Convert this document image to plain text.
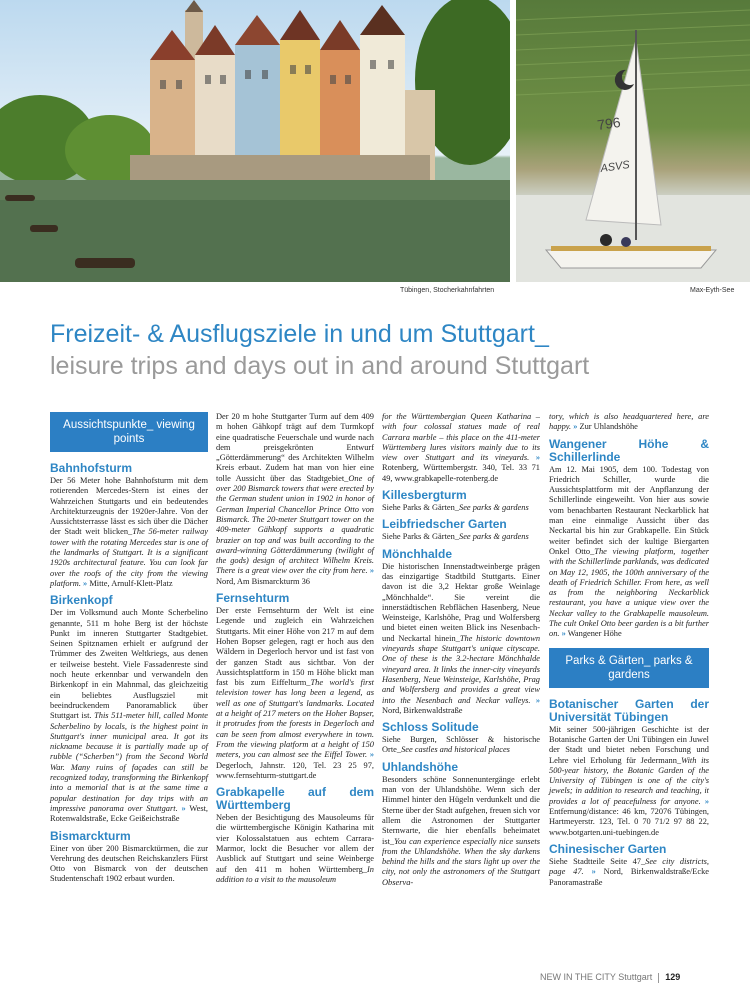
796
ASVS
Tübingen, Stocherkahnfahrten	Max-Eyth-See

Freizeit- & Ausflugsziele in und um Stuttgart_

leisure trips and days out in and around Stuttgart

Aussichtspunkte_ viewing points
Bahnhofsturm

Der 56 Meter hohe Bahnhofsturm mit dem rotierenden Mercedes-Stern ist eines der Wahrzeichen Stuttgarts und ein bedeutendes Architekturzeugnis der 1920er-Jahre. Von der Aussichtsterrasse lässt es sich über die Dächer der Stadt weit blicken_The 56-meter railway tower with the rotating Mercedes star is one of the landmarks of Stuttgart. It is a significant 1920s architectural feature. You can look far over the roofs of the city from the viewing platform. » Mitte, Arnulf-Klett-Platz

Birkenkopf

Der im Volksmund auch Monte Scherbelino genannte, 511 m hohe Berg ist der höchste Punkt im inneren Stuttgarter Stadtgebiet. Seinen Spitznamen erhielt er aufgrund der Trümmer des Zweiten Weltkriegs, aus denen er teilweise besteht. Viele Fassadenreste sind noch heute erkennbar und verwandeln den Birkenkopf in ein Mahnmal, das gleichzeitig ein beliebtes Ausflugsziel mit beeindruckendem Panoramablick über Stuttgart ist. This 511-meter hill, called Monte Scherbelino by locals, is the highest point in Stuttgart's inner municipal area. It got its nickname because it is partially made up of rubble (“Scherben”) from the Second World War. Many ruins of façades can still be recognized today, transforming the Birkenkopf into a memorial that is at the same time a popular destination for day trips with an impressive panorama over Stuttgart. » West, Rotenwaldstraße, Ecke Geißeichstraße

Bismarckturm

Einer von über 200 Bismarcktürmen, die zur Verehrung des deutschen Reichskanzlers Fürst Otto von Bismarck von der deutschen Studentenschaft 1902 erbaut wurden.

Der 20 m hohe Stuttgarter Turm auf dem 409 m hohen Gähkopf trägt auf dem Turmkopf eine quadratische Feuerschale und wurde nach dem preisgekrönten Entwurf „Götterdämmerung“ des Architekten Wilhelm Kreis erbaut. Zudem hat man von hier eine tolle Aussicht über das Stadtgebiet_One of over 200 Bismarck towers that were erected by the German student union in 1902 in honor of German Imperial Chancellor Prince Otto von Bismarck. The 20-meter Stuttgart tower on the 409-meter Gähkopf supports a quadratic brazier on top and was built according to the award-winning Götterdämmerung (twilight of the gods) design of architect Wilhelm Kreis. There is a great view over the city from here. » Nord, Am Bismarckturm 36

Fernsehturm

Der erste Fernsehturm der Welt ist eine Legende und zugleich ein Wahrzeichen Stuttgarts. Mit einer Höhe von 217 m auf dem Hohen Bopser gelegen, ragt er hoch aus den Wäldern in Degerloch hervor und ist fast von der ganzen Stadt aus sichtbar. Von der Aussichtsplattform in 150 m Höhe blickt man fast bis zum Eiffelturm_The world's first television tower has long been a legend, as well as one of Stuttgart's landmarks. Located at a height of 217 meters on the Hoher Bopser, it protrudes from the forests in Degerloch and can be seen from almost everywhere in town. From the viewing platform at a height of 150 meters, you can almost see the Eiffel Tower. » Degerloch, Jahnstr. 120, Tel. 23 25 97, www.fernsehturm-stuttgart.de

Grabkapelle auf dem Württemberg

Neben der Besichtigung des Mausoleums für die württembergische Königin Katharina mit vier Kolossalstatuen aus echtem Carrara-Marmor, lockt die Besucher vor allem der Ausblick auf Stuttgart und seine Weinberge auf den 411 m hohen Württemberg_In addition to a visit to the mausoleum

for the Württembergian Queen Katharina – with four colossal statues made of real Carrara marble – this place on the 411-meter Württemberg lures visitors mainly due to its view over Stuttgart and its vineyards. » Rotenberg, Württembergstr. 340, Tel. 33 71 49, www.grabkapelle-rotenberg.de

Killesbergturm

Siehe Parks & Gärten_See parks & gardens

Leibfriedscher Garten

Siehe Parks & Gärten_See parks & gardens

Mönchhalde

Die historischen Innenstadtweinberge prägen das einzigartige Stadtbild Stuttgarts. Einer davon ist die 3,2 Hektar große Weinlage „Mönchhalde“. Sie vereint die innerstädtischen Rebflächen Hasenberg, Neue Weinsteige, Karlshöhe, Prag und Wolfersberg und bietet einen weiten Blick ins Nesenbach- und Neckartal hinein_The historic downtown vineyards shape Stuttgart's unique cityscape. One of these is the 3.2-hectare Mönchhalde vineyard area. It links the inner-city vineyards Hasenberg, Neue Weinsteige, Karlshöhe, Prag and Wolfersberg and provides a great view into the Nesenbach and Neckar valleys. » Nord, Birkenwaldstraße

Schloss Solitude

Siehe Burgen, Schlösser & historische Orte_See castles and historical places

Uhlandshöhe

Besonders schöne Sonnenuntergänge erlebt man von der Uhlandshöhe. Wenn sich der Himmel hinter den Hügeln verdunkelt und die Sterne über der Stadt aufgehen, freuen sich vor allem die Astronomen der Stuttgarter Sternwarte, die hier ebenfalls beheimatet ist_You can experience especially nice sunsets from the Uhlandshöhe. When the sky darkens behind the hills and the stars light up over the city, not only the astronomers of the Stuttgart Observa-

tory, which is also headquartered here, are happy. » Zur Uhlandshöhe

Wangener Höhe & Schillerlinde

Am 12. Mai 1905, dem 100. Todestag von Friedrich Schiller, wurde die Aussichtsplattform mit der Anpflanzung der Schillerlinde eingeweiht. Von hier aus sowie vom benachbarten Restaurant Neckarblick hat man eine einmalige Aussicht über das Neckartal bis hin zur Grabkapelle. Ein Stück weiter befindet sich der kultige Biergarten Onkel Otto_The viewing platform, together with the Schillerlinde parklands, was dedicated on May 12, 1905, the 100th anniversary of the death of Friedrich Schiller. From here, as well as from the neighboring Neckarblick restaurant, you have a unique view over the Neckar valley to the Grabkapelle mausoleum. The cult Onkel Otto beer garden is a bit further on. » Wangener Höhe

Parks & Gärten_ parks & gardens
Botanischer Garten der Universität Tübingen

Mit seiner 500-jährigen Geschichte ist der Botanische Garten der Uni Tübingen ein Juwel der Stadt und bietet neben Forschung und Lehre viel Erholung für Jedermann_With its 500-year history, the Botanic Garden of the University of Tübingen is one of the city's jewels; in addition to research and teaching, it provides a lot of peacefulness for anyone. » Entfernung/distance: 46 km, 72076 Tübingen, Hartmeyerstr. 123, Tel. 0 70 71/2 97 88 22, www.botgarten.uni-tuebingen.de

Chinesischer Garten

Siehe Stadtteile Seite 47_See city districts, page 47. » Nord, Birkenwaldstraße/Ecke Panoramastraße

NEW IN THE CITY Stuttgart 129
